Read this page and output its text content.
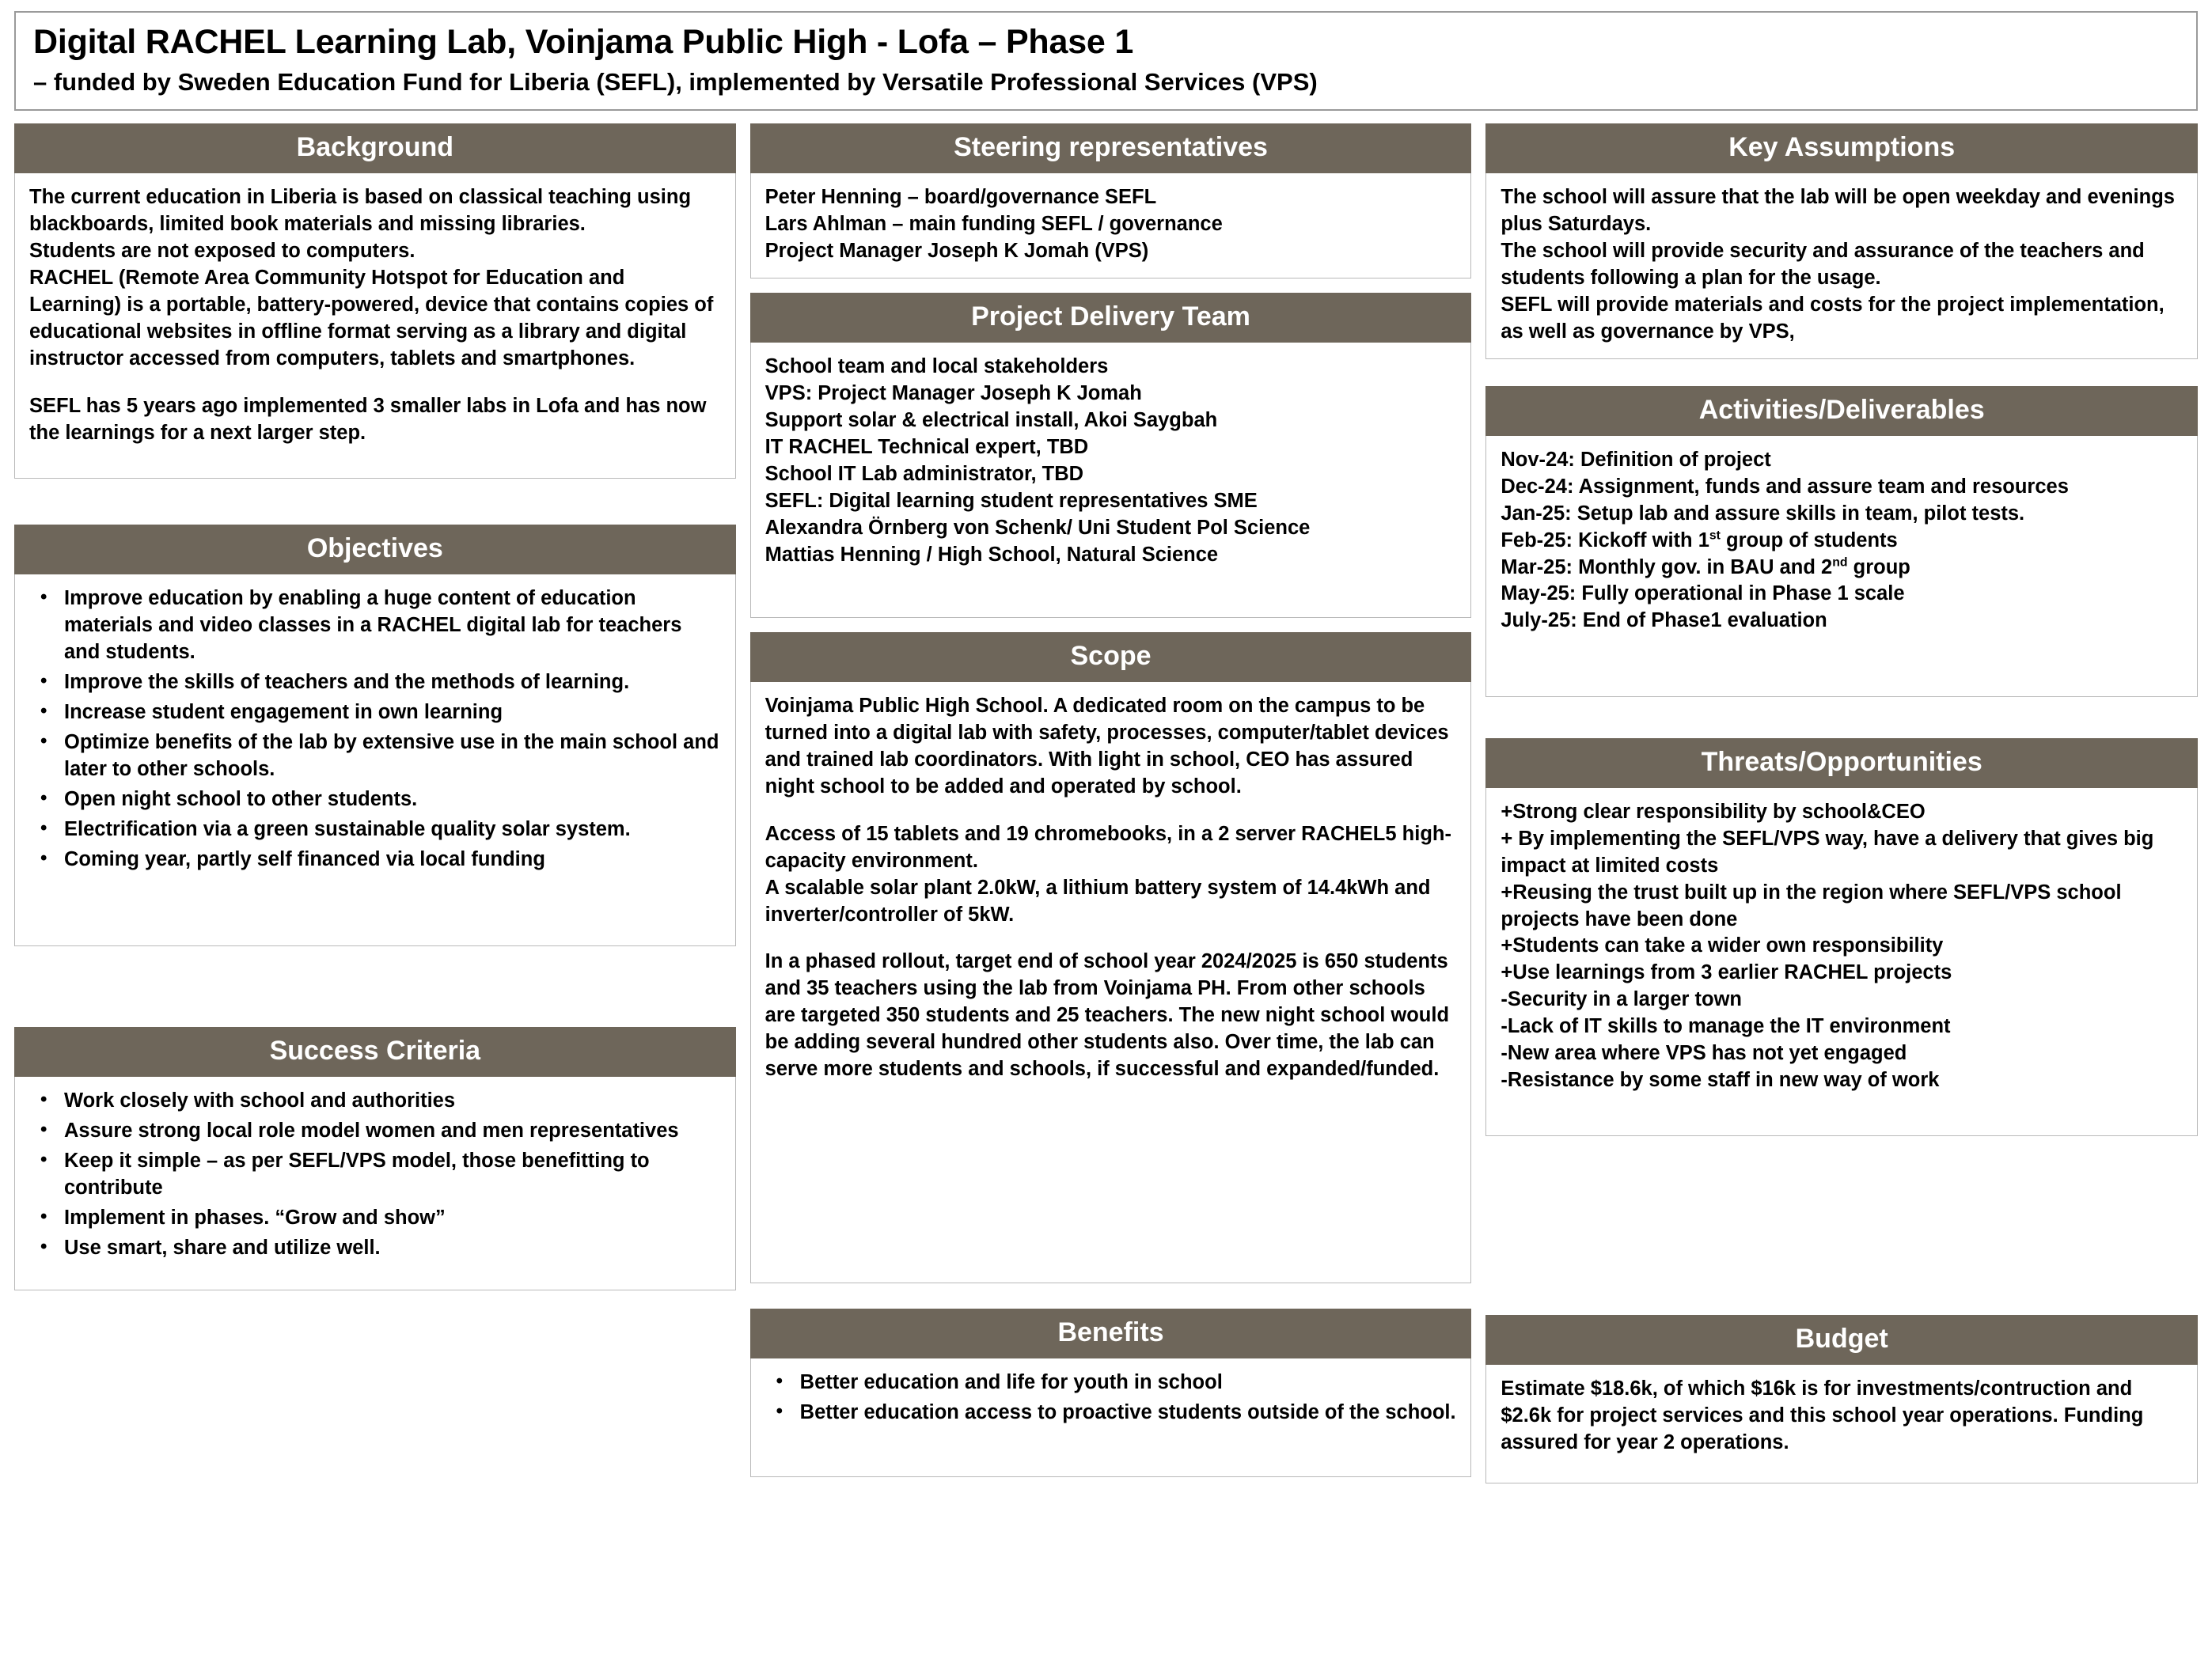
Digital RACHEL Learning Lab, Voinjama Public High - Lofa – Phase 1
– funded by Sweden Education Fund for Liberia (SEFL), implemented by Versatile Professional Services (VPS)
Background

The current education in Liberia is based on classical teaching using blackboards, limited book materials and missing libraries.

Students are not exposed to computers.

RACHEL (Remote Area Community Hotspot for Education and Learning) is a portable, battery-powered, device that contains copies of educational websites in offline format serving as a library and digital instructor accessed from computers, tablets and smartphones.

SEFL has 5 years ago implemented 3 smaller labs in Lofa and has now the learnings for a next larger step.

Objectives
• Improve education by enabling a huge content of education materials and video classes in a RACHEL digital lab for teachers and students.
• Improve the skills of teachers and the methods of learning.
• Increase student engagement in own learning
• Optimize benefits of the lab by extensive use in the main school and later to other schools.
• Open night school to other students.
• Electrification via a green sustainable quality solar system.
• Coming year, partly self financed via local funding
Success Criteria
• Work closely with school and authorities
• Assure strong local role model women and men representatives
• Keep it simple – as per SEFL/VPS model, those benefitting to contribute
• Implement in phases. “Grow and show”
• Use smart, share and utilize well.
Steering representatives

Peter Henning – board/governance SEFL

Lars Ahlman – main funding SEFL / governance

Project Manager Joseph K Jomah (VPS)

Project Delivery Team

School team and local stakeholders

VPS: Project Manager Joseph K Jomah

Support solar & electrical install, Akoi Saygbah

IT RACHEL Technical expert, TBD

School IT Lab administrator, TBD

SEFL: Digital learning student representatives SME

Alexandra Örnberg von Schenk/ Uni Student Pol Science

Mattias Henning / High School, Natural Science

Scope

Voinjama Public High School. A dedicated room on the campus to be turned into a digital lab with safety, processes, computer/tablet devices and trained lab coordinators. With light in school, CEO has assured night school to be added and operated by school.

Access of 15 tablets and 19 chromebooks, in a 2 server RACHEL5 high-capacity environment.

A scalable solar plant 2.0kW, a lithium battery system of 14.4kWh and inverter/controller of 5kW.

In a phased rollout, target end of school year 2024/2025 is 650 students and 35 teachers using the lab from Voinjama PH. From other schools are targeted 350 students and 25 teachers. The new night school would be adding several hundred other students also. Over time, the lab can serve more students and schools, if successful and expanded/funded.

Benefits
• Better education and life for youth in school
• Better education access to proactive students outside of the school.
Key Assumptions

The school will assure that the lab will be open weekday and evenings plus Saturdays.

The school will provide security and assurance of the teachers and students following a plan for the usage.

SEFL will provide materials and costs for the project implementation, as well as governance by VPS,

Activities/Deliverables

Nov-24: Definition of project

Dec-24: Assignment, funds and assure team and resources

Jan-25: Setup lab and assure skills in team, pilot tests.

Feb-25: Kickoff with 1st group of students

Mar-25: Monthly gov. in BAU and 2nd group

May-25: Fully operational in Phase 1 scale

July-25: End of Phase1 evaluation

Threats/Opportunities

+Strong clear responsibility by school&CEO

+ By implementing the SEFL/VPS way, have a delivery that gives big impact at limited costs

+Reusing the trust built up in the region where SEFL/VPS school projects have been done

+Students can take a wider own responsibility

+Use learnings from 3 earlier RACHEL projects

-Security in a larger town

-Lack of IT skills to manage the IT environment

-New area where VPS has not yet engaged

-Resistance by some staff in new way of work

Budget

Estimate $18.6k, of which $16k is for investments/contruction and $2.6k for project services and this school year operations. Funding assured for year 2 operations.
